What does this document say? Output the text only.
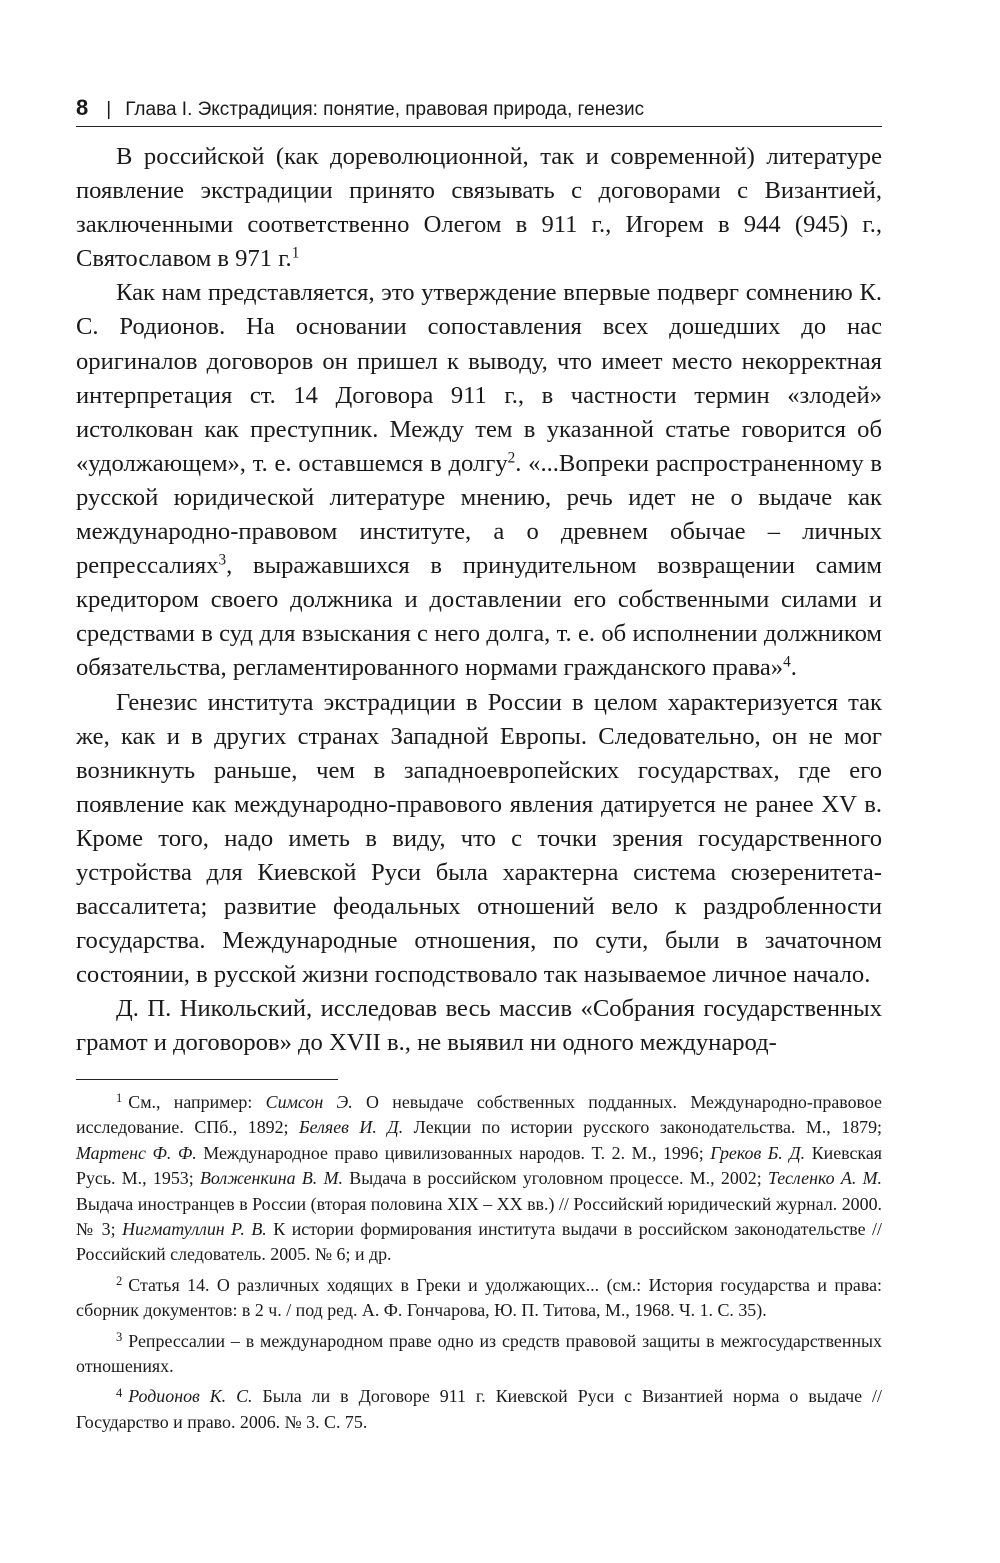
8 | Глава I. Экстрадиция: понятие, правовая природа, генезис

В российской (как дореволюционной, так и современной) литературе появление экстрадиции принято связывать с договорами с Византией, заключенными соответственно Олегом в 911 г., Игорем в 944 (945) г., Святославом в 971 г.$^1$

Как нам представляется, это утверждение впервые подверг сомнению К. С. Родионов. На основании сопоставления всех дошедших до нас оригиналов договоров он пришел к выводу, что имеет место некорректная интерпретация ст. 14 Договора 911 г., в частности термин «злодей» истолкован как преступник. Между тем в указанной статье говорится об «удолжающем», т. е. оставшемся в долгу$^2$. «...Вопреки распространенному в русской юридической литературе мнению, речь идет не о выдаче как международно-правовом институте, а о древнем обычае – личных репрессалиях$^3$, выражавшихся в принудительном возвращении самим кредитором своего должника и доставлении его собственными силами и средствами в суд для взыскания с него долга, т. е. об исполнении должником обязательства, регламентированного нормами гражданского права»$^4$.

Генезис института экстрадиции в России в целом характеризуется так же, как и в других странах Западной Европы. Следовательно, он не мог возникнуть раньше, чем в западноевропейских государствах, где его появление как международно-правового явления датируется не ранее XV в. Кроме того, надо иметь в виду, что с точки зрения государственного устройства для Киевской Руси была характерна система сюзеренитета-вассалитета; развитие феодальных отношений вело к раздробленности государства. Международные отношения, по сути, были в зачаточном состоянии, в русской жизни господствовало так называемое личное начало.

Д. П. Никольский, исследовав весь массив «Собрания государственных грамот и договоров» до XVII в., не выявил ни одного международ-

$^1$ См., например: Симсон Э. О невыдаче собственных подданных. Международно-правовое исследование. СПб., 1892; Беляев И. Д. Лекции по истории русского законодательства. М., 1879; Мартенс Ф. Ф. Международное право цивилизованных народов. Т. 2. М., 1996; Греков Б. Д. Киевская Русь. М., 1953; Волженкина В. М. Выдача в российском уголовном процессе. М., 2002; Тесленко А. М. Выдача иностранцев в России (вторая половина XIX – XX вв.) // Российский юридический журнал. 2000. № 3; Нигматуллин Р. В. К истории формирования института выдачи в российском законодательстве // Российский следователь. 2005. № 6; и др.

$^2$ Статья 14. О различных ходящих в Греки и удолжающих... (см.: История государства и права: сборник документов: в 2 ч. / под ред. А. Ф. Гончарова, Ю. П. Титова, М., 1968. Ч. 1. С. 35).

$^3$ Репрессалии – в международном праве одно из средств правовой защиты в межгосударственных отношениях.

$^4$ Родионов К. С. Была ли в Договоре 911 г. Киевской Руси с Византией норма о выдаче // Государство и право. 2006. № 3. С. 75.
